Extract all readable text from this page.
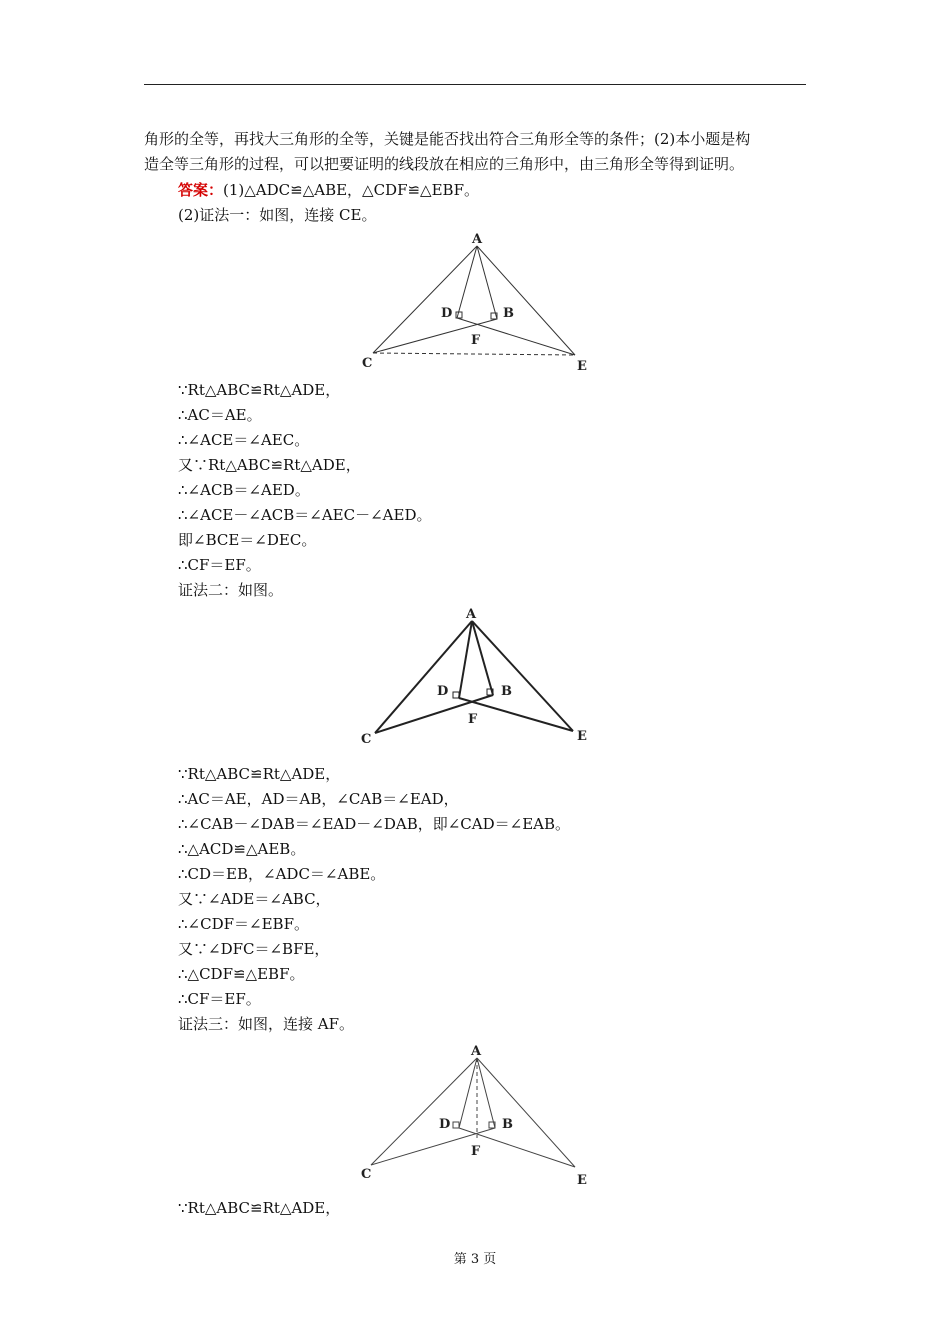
角形的全等，再找大三角形的全等，关键是能否找出符合三角形全等的条件；(2)本小题是构
造全等三角形的过程，可以把要证明的线段放在相应的三角形中，由三角形全等得到证明。
答案：(1)△ADC≌△ABE，△CDF≌△EBF。
(2)证法一：如图，连接 CE。
A
D	B
F
C	E
∵Rt△ABC≌Rt△ADE，
∴AC＝AE。
∴∠ACE＝∠AEC。
又∵Rt△ABC≌Rt△ADE，
∴∠ACB＝∠AED。
∴∠ACE－∠ACB＝∠AEC－∠AED。
即∠BCE＝∠DEC。
∴CF＝EF。
证法二：如图。
A
D	B
F
C	E
∵Rt△ABC≌Rt△ADE，
∴AC＝AE，AD＝AB，∠CAB＝∠EAD，
∴∠CAB－∠DAB＝∠EAD－∠DAB，即∠CAD＝∠EAB。
∴△ACD≌△AEB。
∴CD＝EB，∠ADC＝∠ABE。
又∵∠ADE＝∠ABC，
∴∠CDF＝∠EBF。
又∵∠DFC＝∠BFE，
∴△CDF≌△EBF。
∴CF＝EF。
证法三：如图，连接 AF。
A
D	B
F
C	E
∵Rt△ABC≌Rt△ADE，
第 3 页
